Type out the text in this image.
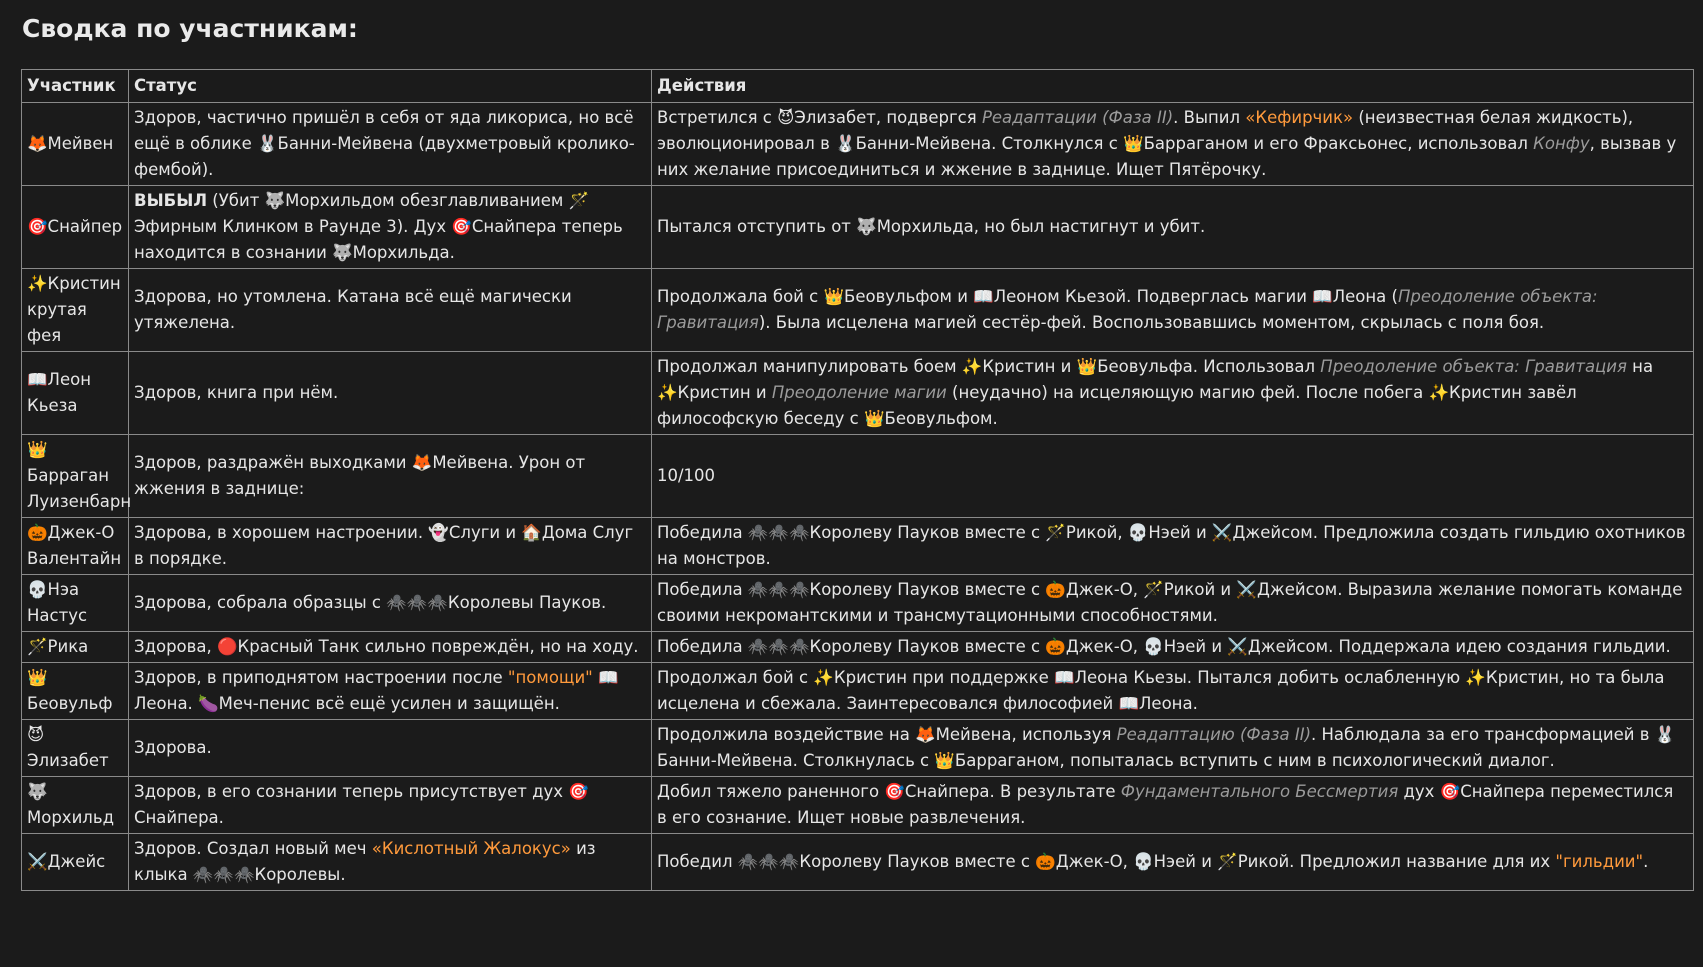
Сводка по участникам:
Участник	Статус	Действия
🦊Мейвен	Здоров, частично пришёл в себя от яда ликориса, но всё ещё в облике 🐰Банни-Мейвена (двухметровый кролико-фембой).	Встретился с 😈Элизабет, подвергся Реадаптации (Фаза II). Выпил «Кефирчик» (неизвестная белая жидкость), эволюционировал в 🐰Банни-Мейвена. Столкнулся с 👑Баррaганом и его Фраксьонес, использовал Конфу, вызвав у них желание присоединиться и жжение в заднице. Ищет Пятёрочку.
🎯Снайпер	ВЫБЫЛ (Убит 🐺Морхильдом обезглавливанием 🪄Эфирным Клинком в Раунде 3). Дух 🎯Снайпера теперь находится в сознании 🐺Морхильда.	Пытался отступить от 🐺Морхильда, но был настигнут и убит.
✨Кристин крутая фея	Здорова, но утомлена. Катана всё ещё магически утяжелена.	Продолжала бой с 👑Беовульфом и 📖Леоном Кьезой. Подверглась магии 📖Леона (Преодоление объекта: Гравитация). Была исцелена магией сестёр-фей. Воспользовавшись моментом, скрылась с поля боя.
📖Леон Кьеза	Здоров, книга при нём.	Продолжал манипулировать боем ✨Кристин и 👑Беовульфа. Использовал Преодоление объекта: Гравитация на ✨Кристин и Преодоление магии (неудачно) на исцеляющую магию фей. После побега ✨Кристин завёл философскую беседу с 👑Беовульфом.
👑 Барраган Луизенбарн	Здоров, раздражён выходками 🦊Мейвена. Урон от жжения в заднице:	10/100
🎃Джек-О Валентайн	Здорова, в хорошем настроении. 👻Слуги и 🏠Дома Слуг в порядке.	Победила 🕷️🕷️🕷️Королеву Пауков вместе с 🪄Рикой, 💀Нэей и ⚔️Джейсом. Предложила создать гильдию охотников на монстров.
💀Нэа Настус	Здорова, собрала образцы с 🕷️🕷️🕷️Королевы Пауков.	Победила 🕷️🕷️🕷️Королеву Пауков вместе с 🎃Джек-О, 🪄Рикой и ⚔️Джейсом. Выразила желание помогать команде своими некромантскими и трансмутационными способностями.
🪄Рика	Здорова, 🔴Красный Танк сильно повреждён, но на ходу.	Победила 🕷️🕷️🕷️Королеву Пауков вместе с 🎃Джек-О, 💀Нэей и ⚔️Джейсом. Поддержала идею создания гильдии.
👑 Беовульф	Здоров, в приподнятом настроении после "помощи" 📖Леона. 🍆Меч-пенис всё ещё усилен и защищён.	Продолжал бой с ✨Кристин при поддержке 📖Леона Кьезы. Пытался добить ослабленную ✨Кристин, но та была исцелена и сбежала. Заинтересовался философией 📖Леона.
😈 Элизабет	Здорова.	Продолжила воздействие на 🦊Мейвена, используя Реадаптацию (Фаза II). Наблюдала за его трансформацией в 🐰Банни-Мейвена. Столкнулась с 👑Барраганом, попыталась вступить с ним в психологический диалог.
🐺 Морхильд	Здоров, в его сознании теперь присутствует дух 🎯Снайпера.	Добил тяжело раненного 🎯Снайпера. В результате Фундаментального Бессмертия дух 🎯Снайпера переместился в его сознание. Ищет новые развлечения.
⚔️Джейс	Здоров. Создал новый меч «Кислотный Жалокус» из клыка 🕷️🕷️🕷️Королевы.	Победил 🕷️🕷️🕷️Королеву Пауков вместе с 🎃Джек-О, 💀Нэей и 🪄Рикой. Предложил название для их "гильдии".
